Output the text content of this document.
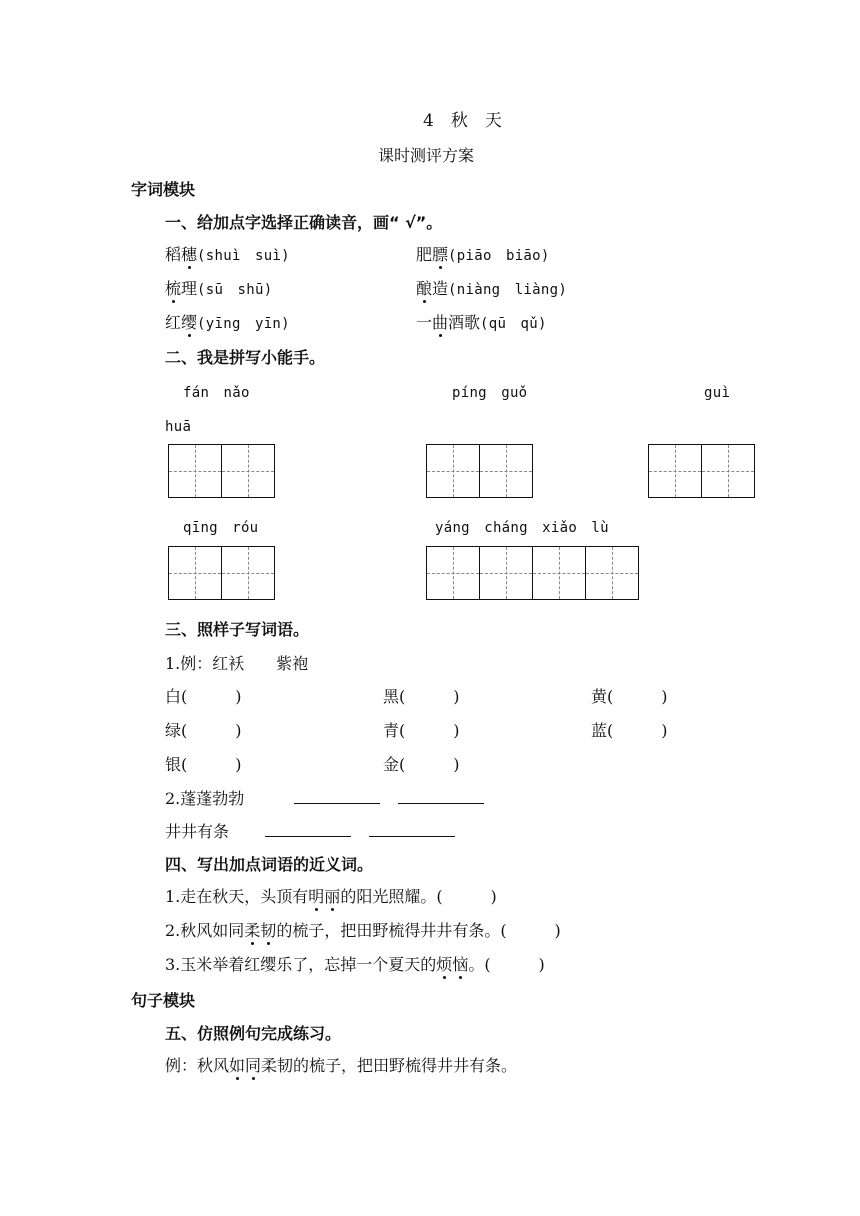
4　秋　天
课时测评方案
字词模块
一、给加点字选择正确读音，画“ √”。
稻穗(shuì　suì)	肥膘(piāo　biāo)
梳理(sū　shū)	酿造(niàng　liàng)
红缨(yīng　yīn)	一曲酒歌(qū　qǔ)
二、我是拼写小能手。
fán　nǎo	píng　guǒ	guì
huā
qīng　róu	yáng　cháng　xiǎo　lù
三、照样子写词语。
1.例：红袄　　紫袍
白(　　　)	黑(　　　)	黄(　　　)
绿(　　　)	青(　　　)	蓝(　　　)
银(　　　)	金(　　　)
2.蓬蓬勃勃
井井有条
四、写出加点词语的近义词。
1.走在秋天，头顶有明丽的阳光照耀。(　　　)
2.秋风如同柔韧的梳子，把田野梳得井井有条。(　　　)
3.玉米举着红缨乐了，忘掉一个夏天的烦恼。(　　　)
句子模块
五、仿照例句完成练习。
例：秋风如同柔韧的梳子，把田野梳得井井有条。
